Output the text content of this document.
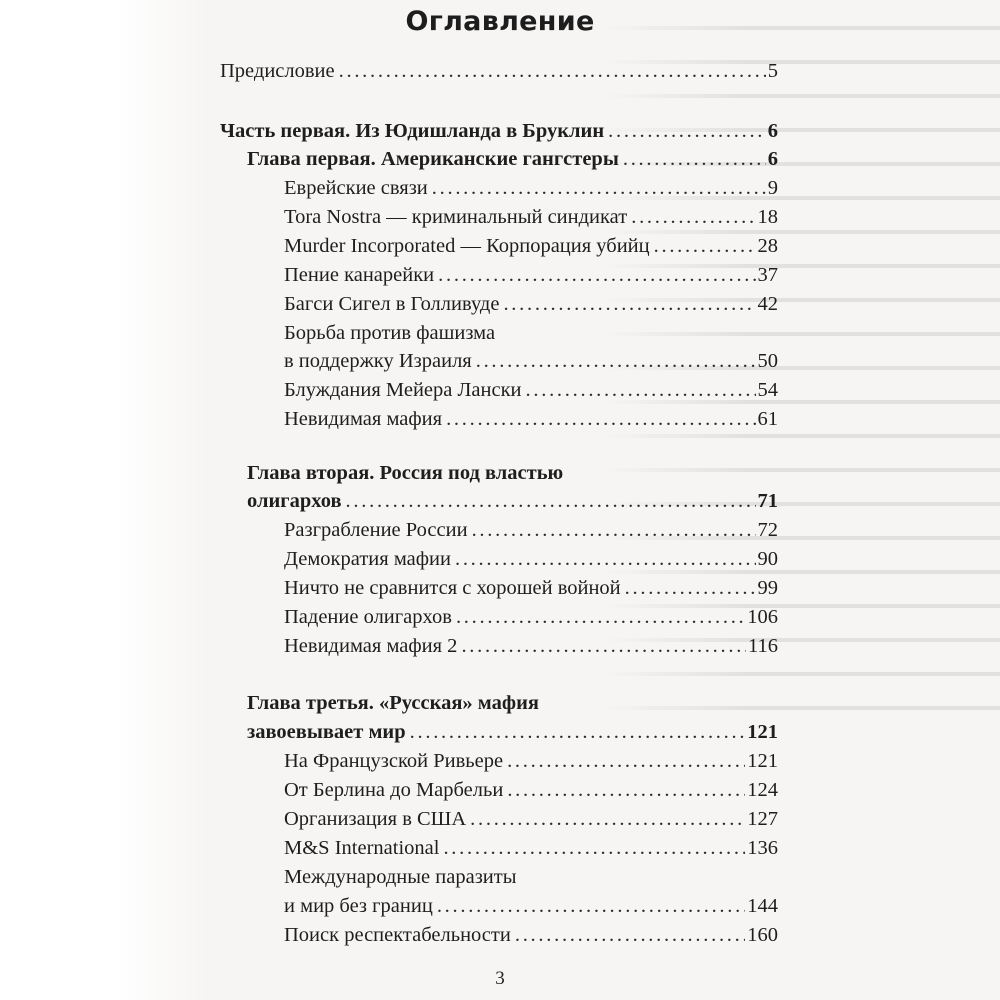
Оглавление
Предисловие . . .	5
Часть первая. Из Юдишланда в Бруклин . . .	6
Глава первая. Американские гангстеры . . .	6
Еврейские связи . . .	9
Tora Nostra — криминальный синдикат . . .	18
Murder Incorporated — Корпорация убийц . . .	28
Пение канарейки . . .	37
Багси Сигел в Голливуде . . .	42
Борьба против фашизма
в поддержку Израиля . . .	50
Блуждания Мейера Лански . . .	54
Невидимая мафия . . .	61
Глава вторая. Россия под властью
олигархов . . .	71
Разграбление России . . .	72
Демократия мафии . . .	90
Ничто не сравнится с хорошей войной . . .	99
Падение олигархов . . .	106
Невидимая мафия 2 . . .	116
Глава третья. «Русская» мафия
завоевывает мир . . .	121
На Французской Ривьере . . .	121
От Берлина до Марбельи . . .	124
Организация в США . . .	127
M&S International . . .	136
Международные паразиты
и мир без границ . . .	144
Поиск респектабельности . . .	160
3
